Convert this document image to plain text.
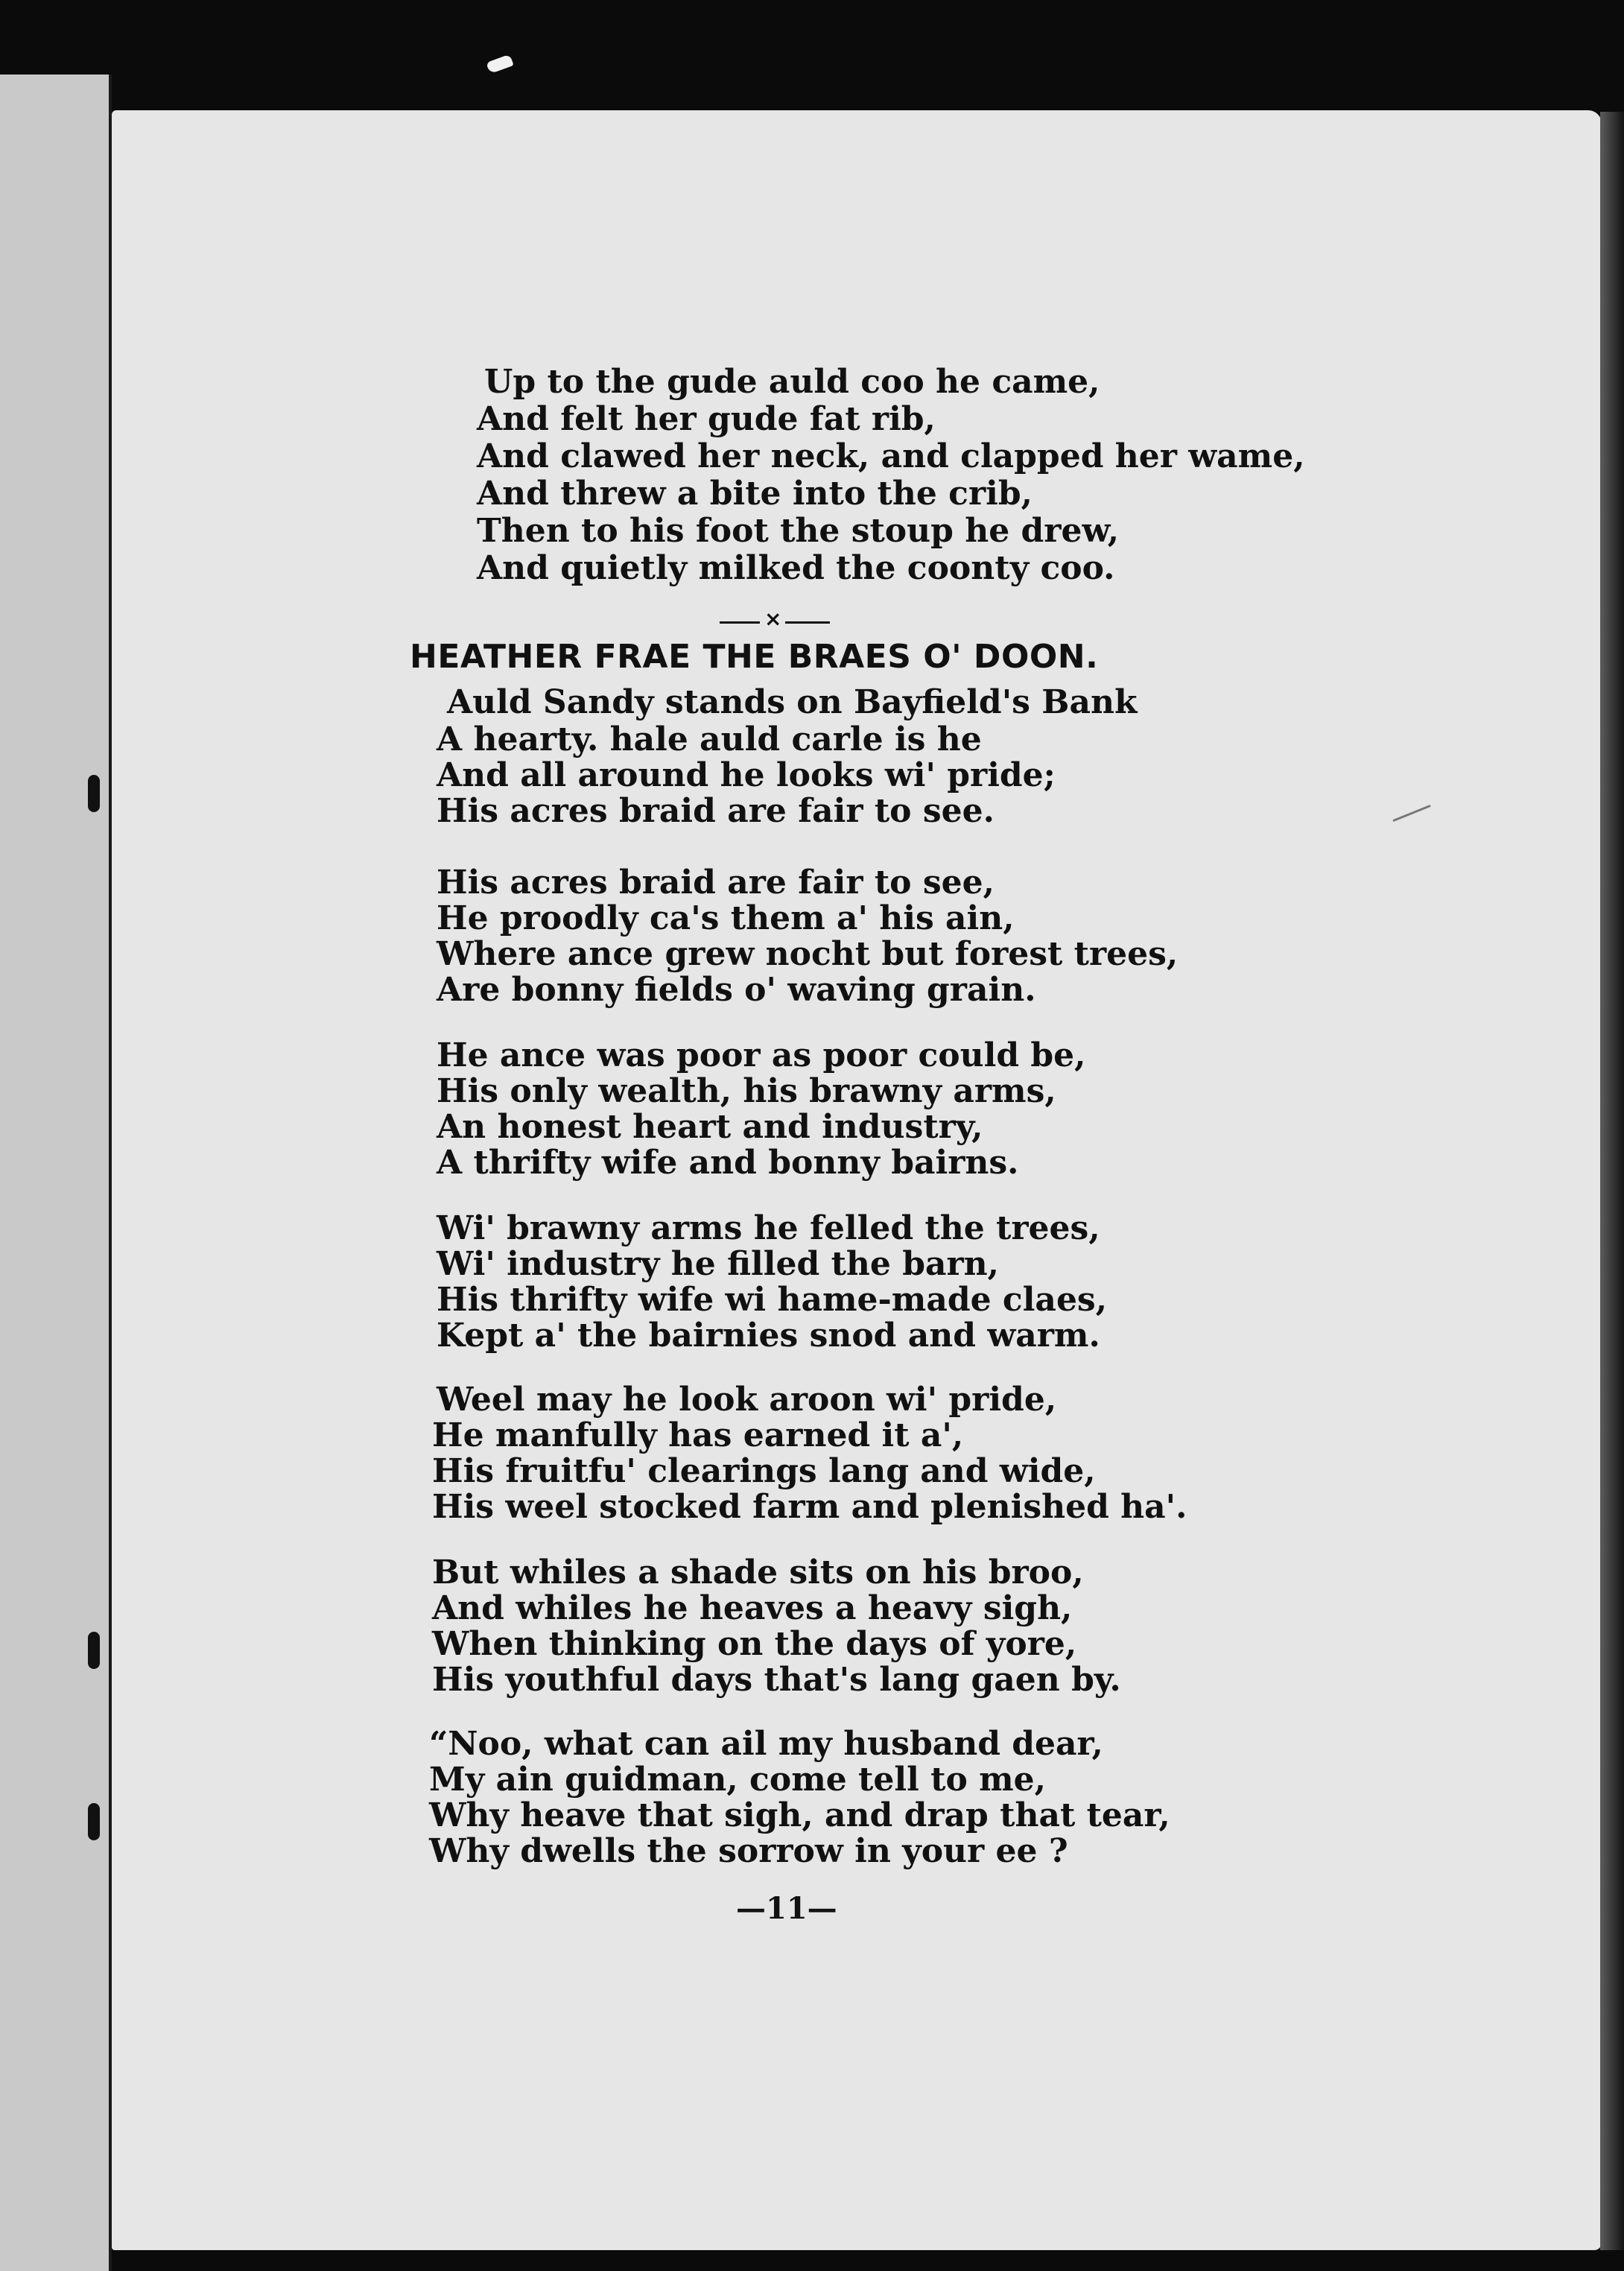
Up to the gude auld coo he came,
And felt her gude fat rib,
And clawed her neck, and clapped her wame,
And threw a bite into the crib,
Then to his foot the stoup he drew,
And quietly milked the coonty coo.
×
HEATHER FRAE THE BRAES O' DOON.
Auld Sandy stands on Bayfield's Bank
A hearty. hale auld carle is he
And all around he looks wi' pride;
His acres braid are fair to see.
His acres braid are fair to see,
He proodly ca's them a' his ain,
Where ance grew nocht but forest trees,
Are bonny fields o' waving grain.
He ance was poor as poor could be,
His only wealth, his brawny arms,
An honest heart and industry,
A thrifty wife and bonny bairns.
Wi' brawny arms he felled the trees,
Wi' industry he filled the barn,
His thrifty wife wi hame-made claes,
Kept a' the bairnies snod and warm.
Weel may he look aroon wi' pride,
He manfully has earned it a',
His fruitfu' clearings lang and wide,
His weel stocked farm and plenished ha'.
But whiles a shade sits on his broo,
And whiles he heaves a heavy sigh,
When thinking on the days of yore,
His youthful days that's lang gaen by.
“Noo, what can ail my husband dear,
My ain guidman, come tell to me,
Why heave that sigh, and drap that tear,
Why dwells the sorrow in your ee ?
—11—
